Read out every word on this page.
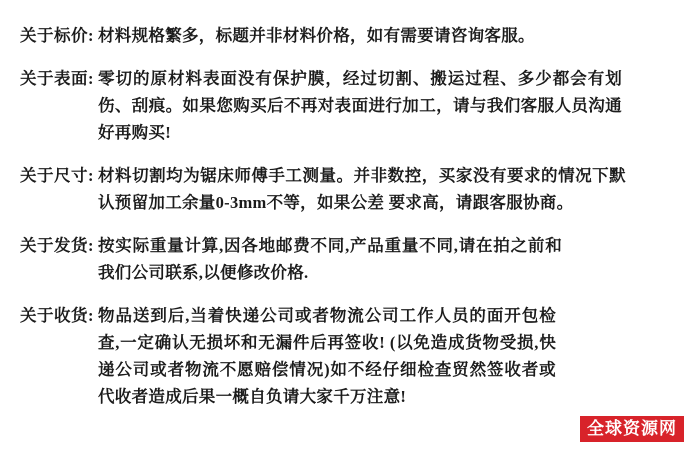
关于标价: 材料规格繁多，标题并非材料价格，如有需要请咨询客服。
关于表面: 零切的原材料表面没有保护膜，经过切割、搬运过程、多少都会有划伤、刮痕。如果您购买后不再对表面进行加工，请与我们客服人员沟通好再购买!
关于尺寸: 材料切割均为锯床师傅手工测量。并非数控，买家没有要求的情况下默认预留加工余量0-3mm不等，如果公差 要求高，请跟客服协商。
关于发货: 按实际重量计算,因各地邮费不同,产品重量不同,请在拍之前和我们公司联系,以便修改价格.
关于收货: 物品送到后,当着快递公司或者物流公司工作人员的面开包检查,一定确认无损坏和无漏件后再签收! (以免造成货物受损,快递公司或者物流不愿赔偿情况)如不经仔细检查贸然签收者或代收者造成后果一概自负请大家千万注意!
全球资源网
